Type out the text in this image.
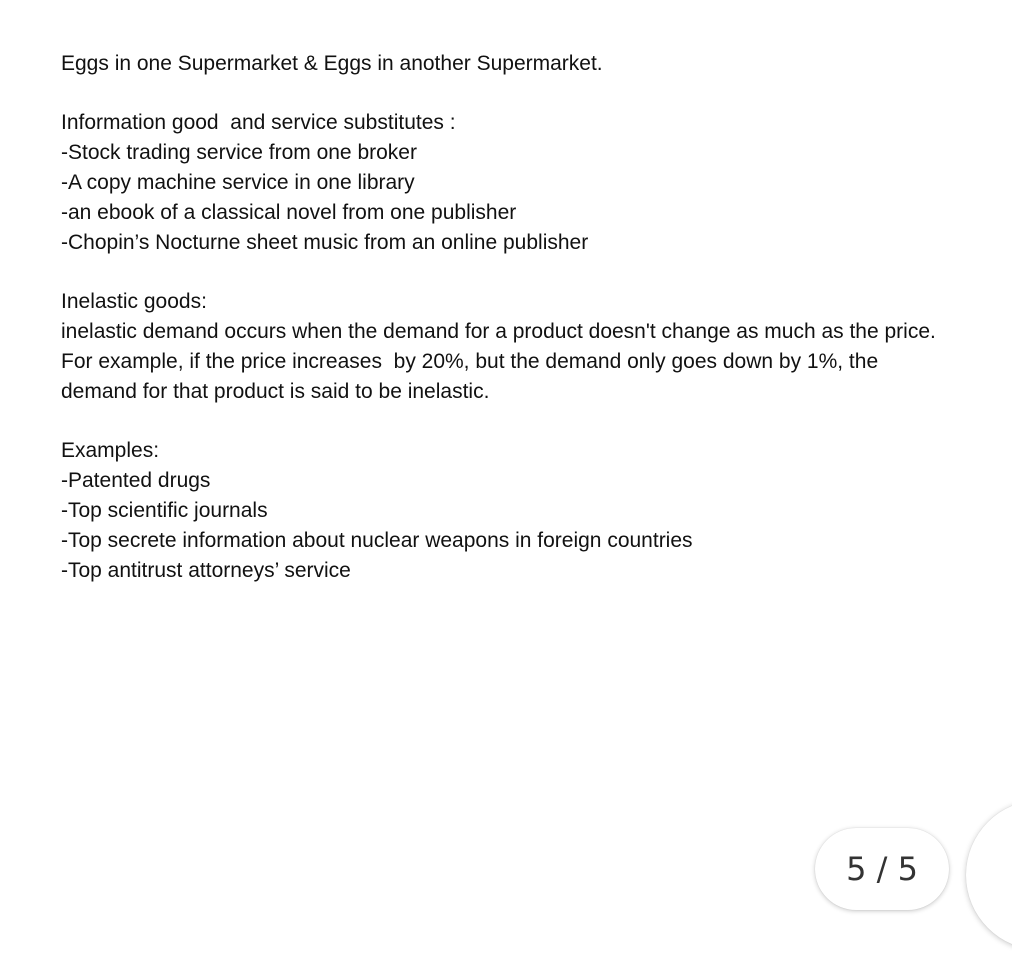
Eggs in one Supermarket & Eggs in another Supermarket.
Information good  and service substitutes :
-Stock trading service from one broker
-A copy machine service in one library
-an ebook of a classical novel from one publisher
-Chopin’s Nocturne sheet music from an online publisher
Inelastic goods:
inelastic demand occurs when the demand for a product doesn't change as much as the price.
For example, if the price increases  by 20%, but the demand only goes down by 1%, the
demand for that product is said to be inelastic.
Examples:
-Patented drugs
-Top scientific journals
-Top secrete information about nuclear weapons in foreign countries
-Top antitrust attorneys’ service
5 / 5
